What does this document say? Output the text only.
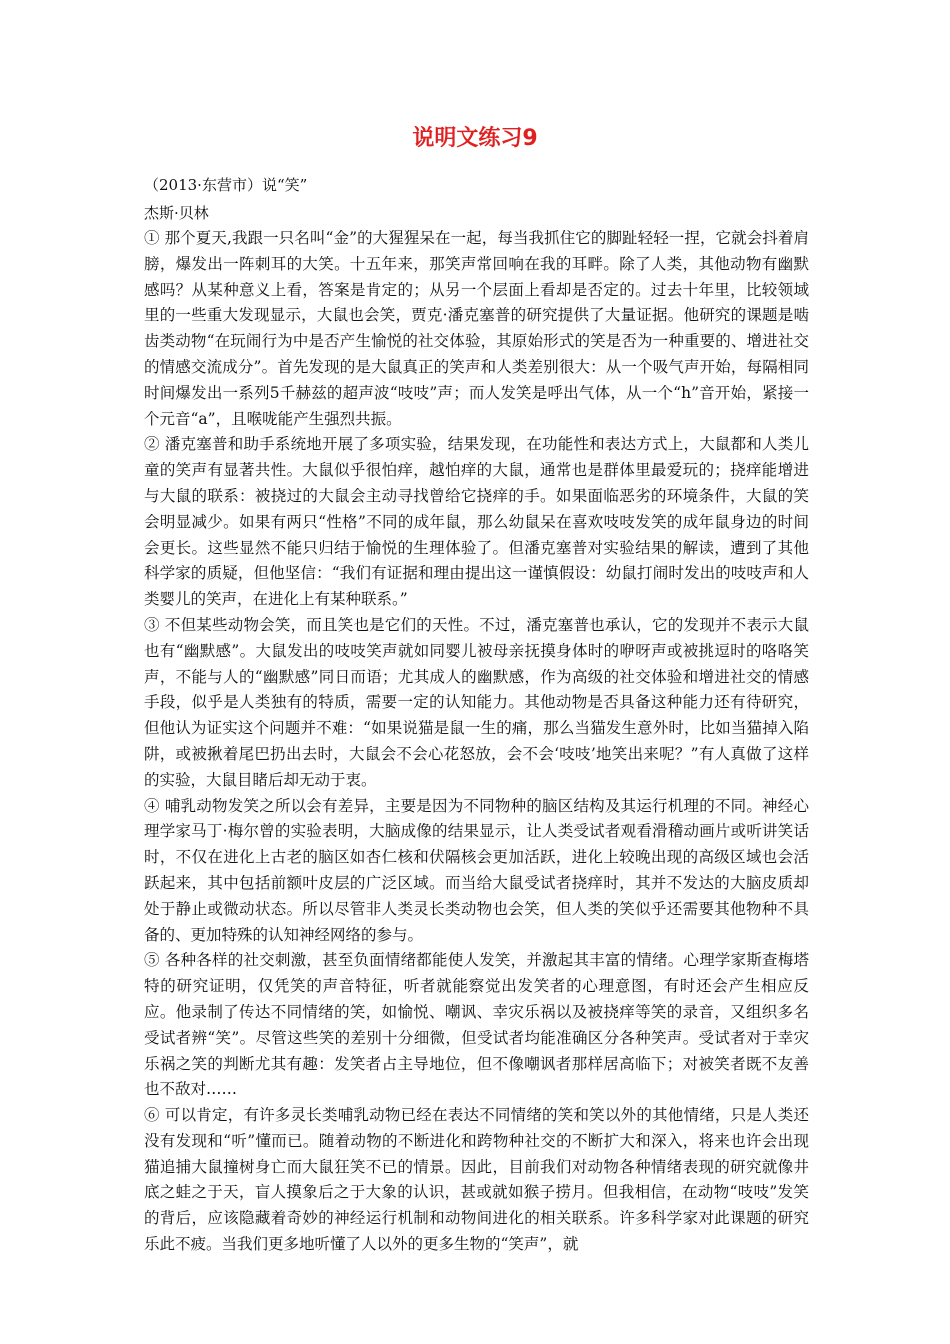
说明文练习9

（2013·东营市）说“笑”

杰斯·贝林

① 那个夏天,我跟一只名叫“金”的大猩猩呆在一起，每当我抓住它的脚趾轻轻一捏，它就会抖着肩膀，爆发出一阵刺耳的大笑。十五年来，那笑声常回响在我的耳畔。除了人类，其他动物有幽默感吗？从某种意义上看，答案是肯定的；从另一个层面上看却是否定的。过去十年里，比较领域里的一些重大发现显示，大鼠也会笑，贾克·潘克塞普的研究提供了大量证据。他研究的课题是啮齿类动物“在玩闹行为中是否产生愉悦的社交体验，其原始形式的笑是否为一种重要的、增进社交的情感交流成分”。首先发现的是大鼠真正的笑声和人类差别很大：从一个吸气声开始，每隔相同时间爆发出一系列5千赫兹的超声波“吱吱”声；而人发笑是呼出气体，从一个“h”音开始，紧接一个元音“a”，且喉咙能产生强烈共振。

② 潘克塞普和助手系统地开展了多项实验，结果发现，在功能性和表达方式上，大鼠都和人类儿童的笑声有显著共性。大鼠似乎很怕痒，越怕痒的大鼠，通常也是群体里最爱玩的；挠痒能增进与大鼠的联系：被挠过的大鼠会主动寻找曾给它挠痒的手。如果面临恶劣的环境条件，大鼠的笑会明显减少。如果有两只“性格”不同的成年鼠，那么幼鼠呆在喜欢吱吱发笑的成年鼠身边的时间会更长。这些显然不能只归结于愉悦的生理体验了。但潘克塞普对实验结果的解读，遭到了其他科学家的质疑，但他坚信：“我们有证据和理由提出这一谨慎假设：幼鼠打闹时发出的吱吱声和人类婴儿的笑声，在进化上有某种联系。”

③ 不但某些动物会笑，而且笑也是它们的天性。不过，潘克塞普也承认，它的发现并不表示大鼠也有“幽默感”。大鼠发出的吱吱笑声就如同婴儿被母亲抚摸身体时的咿呀声或被挑逗时的咯咯笑声，不能与人的“幽默感”同日而语；尤其成人的幽默感，作为高级的社交体验和增进社交的情感手段，似乎是人类独有的特质，需要一定的认知能力。其他动物是否具备这种能力还有待研究，但他认为证实这个问题并不难：“如果说猫是鼠一生的痛，那么当猫发生意外时，比如当猫掉入陷阱，或被揪着尾巴扔出去时，大鼠会不会心花怒放，会不会‘吱吱’地笑出来呢？”有人真做了这样的实验，大鼠目睹后却无动于衷。

④ 哺乳动物发笑之所以会有差异，主要是因为不同物种的脑区结构及其运行机理的不同。神经心理学家马丁·梅尔曾的实验表明，大脑成像的结果显示，让人类受试者观看滑稽动画片或听讲笑话时，不仅在进化上古老的脑区如杏仁核和伏隔核会更加活跃，进化上较晚出现的高级区域也会活跃起来，其中包括前额叶皮层的广泛区域。而当给大鼠受试者挠痒时，其并不发达的大脑皮质却处于静止或微动状态。所以尽管非人类灵长类动物也会笑，但人类的笑似乎还需要其他物种不具备的、更加特殊的认知神经网络的参与。

⑤ 各种各样的社交刺激，甚至负面情绪都能使人发笑，并激起其丰富的情绪。心理学家斯查梅塔特的研究证明，仅凭笑的声音特征，听者就能察觉出发笑者的心理意图，有时还会产生相应反应。他录制了传达不同情绪的笑，如愉悦、嘲讽、幸灾乐祸以及被挠痒等笑的录音，又组织多名受试者辨“笑”。尽管这些笑的差别十分细微，但受试者均能准确区分各种笑声。受试者对于幸灾乐祸之笑的判断尤其有趣：发笑者占主导地位，但不像嘲讽者那样居高临下；对被笑者既不友善也不敌对……

⑥ 可以肯定，有许多灵长类哺乳动物已经在表达不同情绪的笑和笑以外的其他情绪，只是人类还没有发现和“听”懂而已。随着动物的不断进化和跨物种社交的不断扩大和深入，将来也许会出现猫追捕大鼠撞树身亡而大鼠狂笑不已的情景。因此，目前我们对动物各种情绪表现的研究就像井底之蛙之于天，盲人摸象后之于大象的认识，甚或就如猴子捞月。但我相信，在动物“吱吱”发笑的背后，应该隐藏着奇妙的神经运行机制和动物间进化的相关联系。许多科学家对此课题的研究乐此不疲。当我们更多地听懂了人以外的更多生物的“笑声”，就
